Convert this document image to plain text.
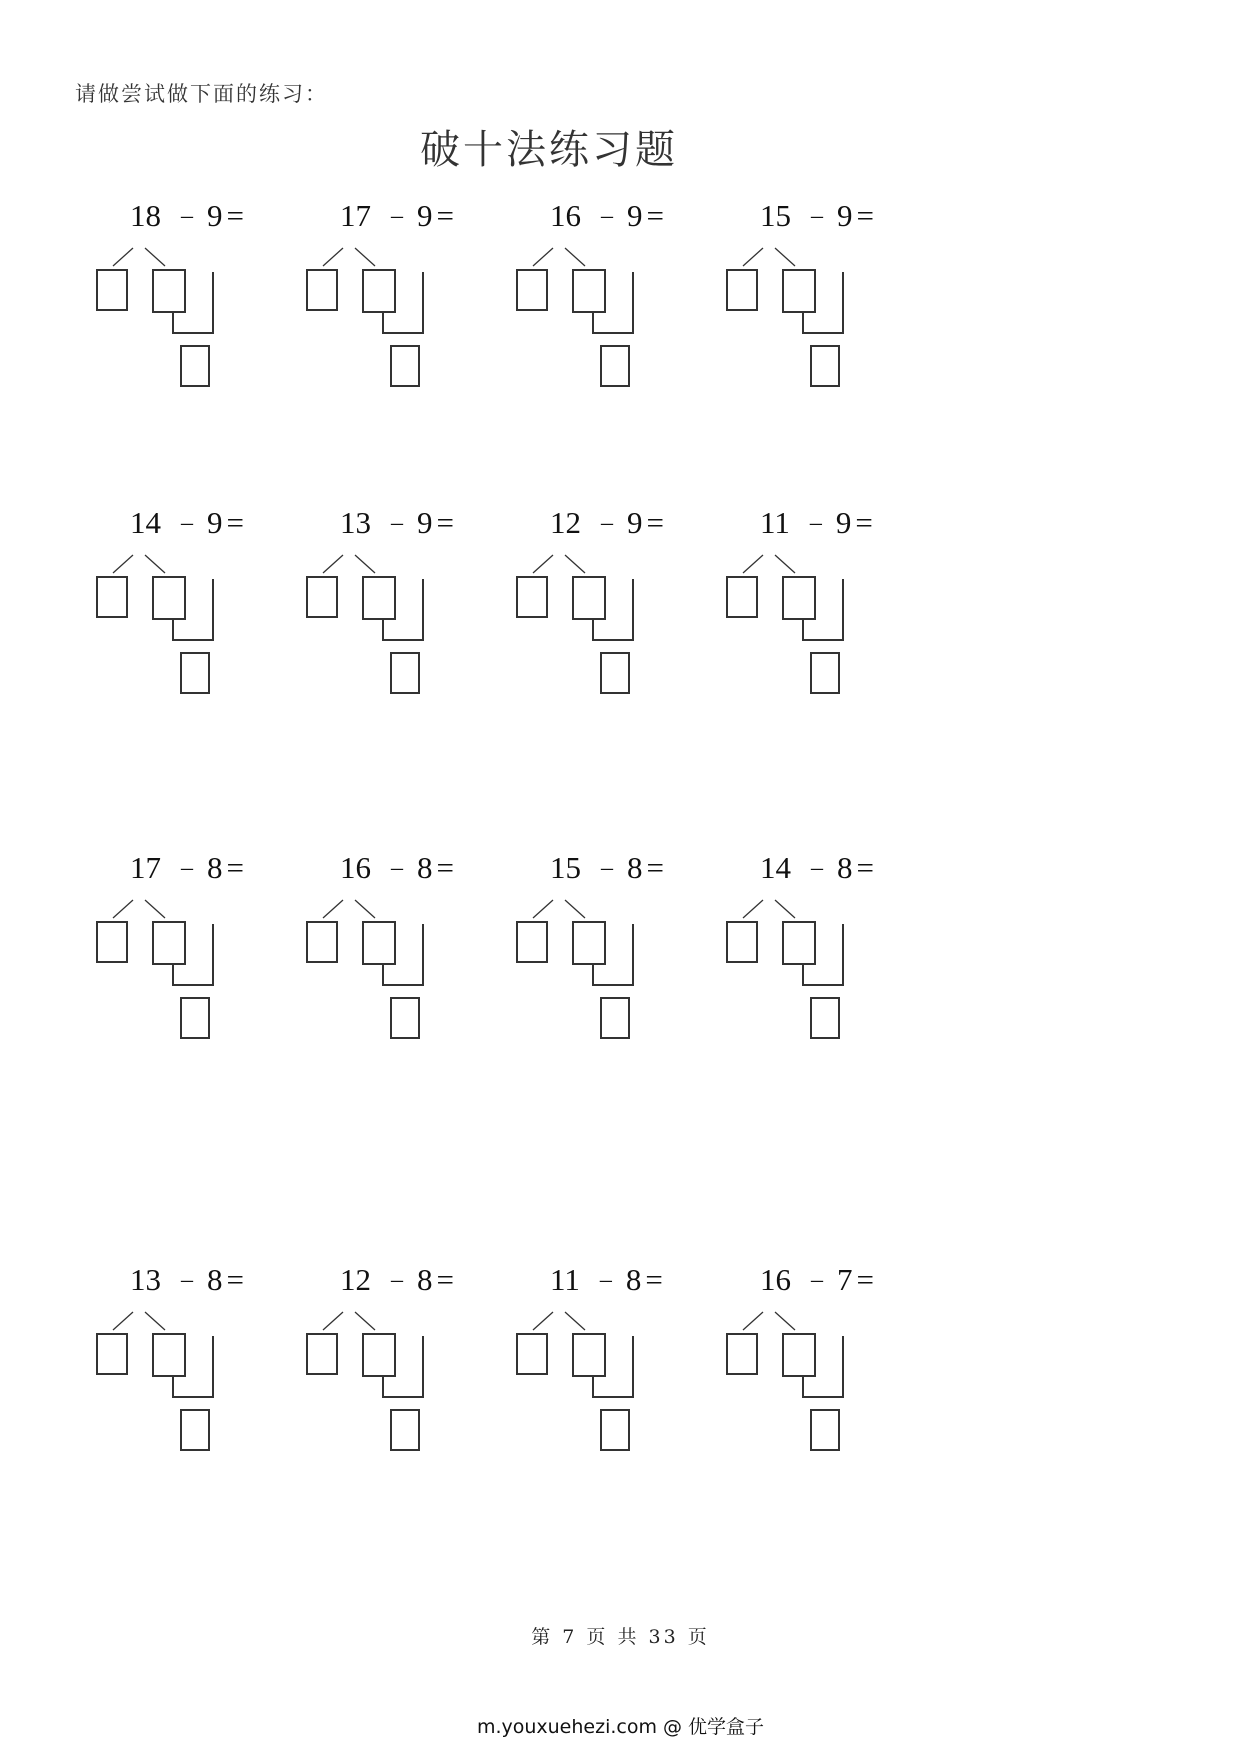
请做尝试做下面的练习：
破十法练习题
18 – 9 =	17 – 9 =	16 – 9 =	15 – 9 =
14 – 9 =	13 – 9 =	12 – 9 =	11 – 9 =
17 – 8 =	16 – 8 =	15 – 8 =	14 – 8 =
13 – 8 =	12 – 8 =	11 – 8 =	16 – 7 =
第 7 页 共 33 页
m.youxuehezi.com @ 优学盒子
